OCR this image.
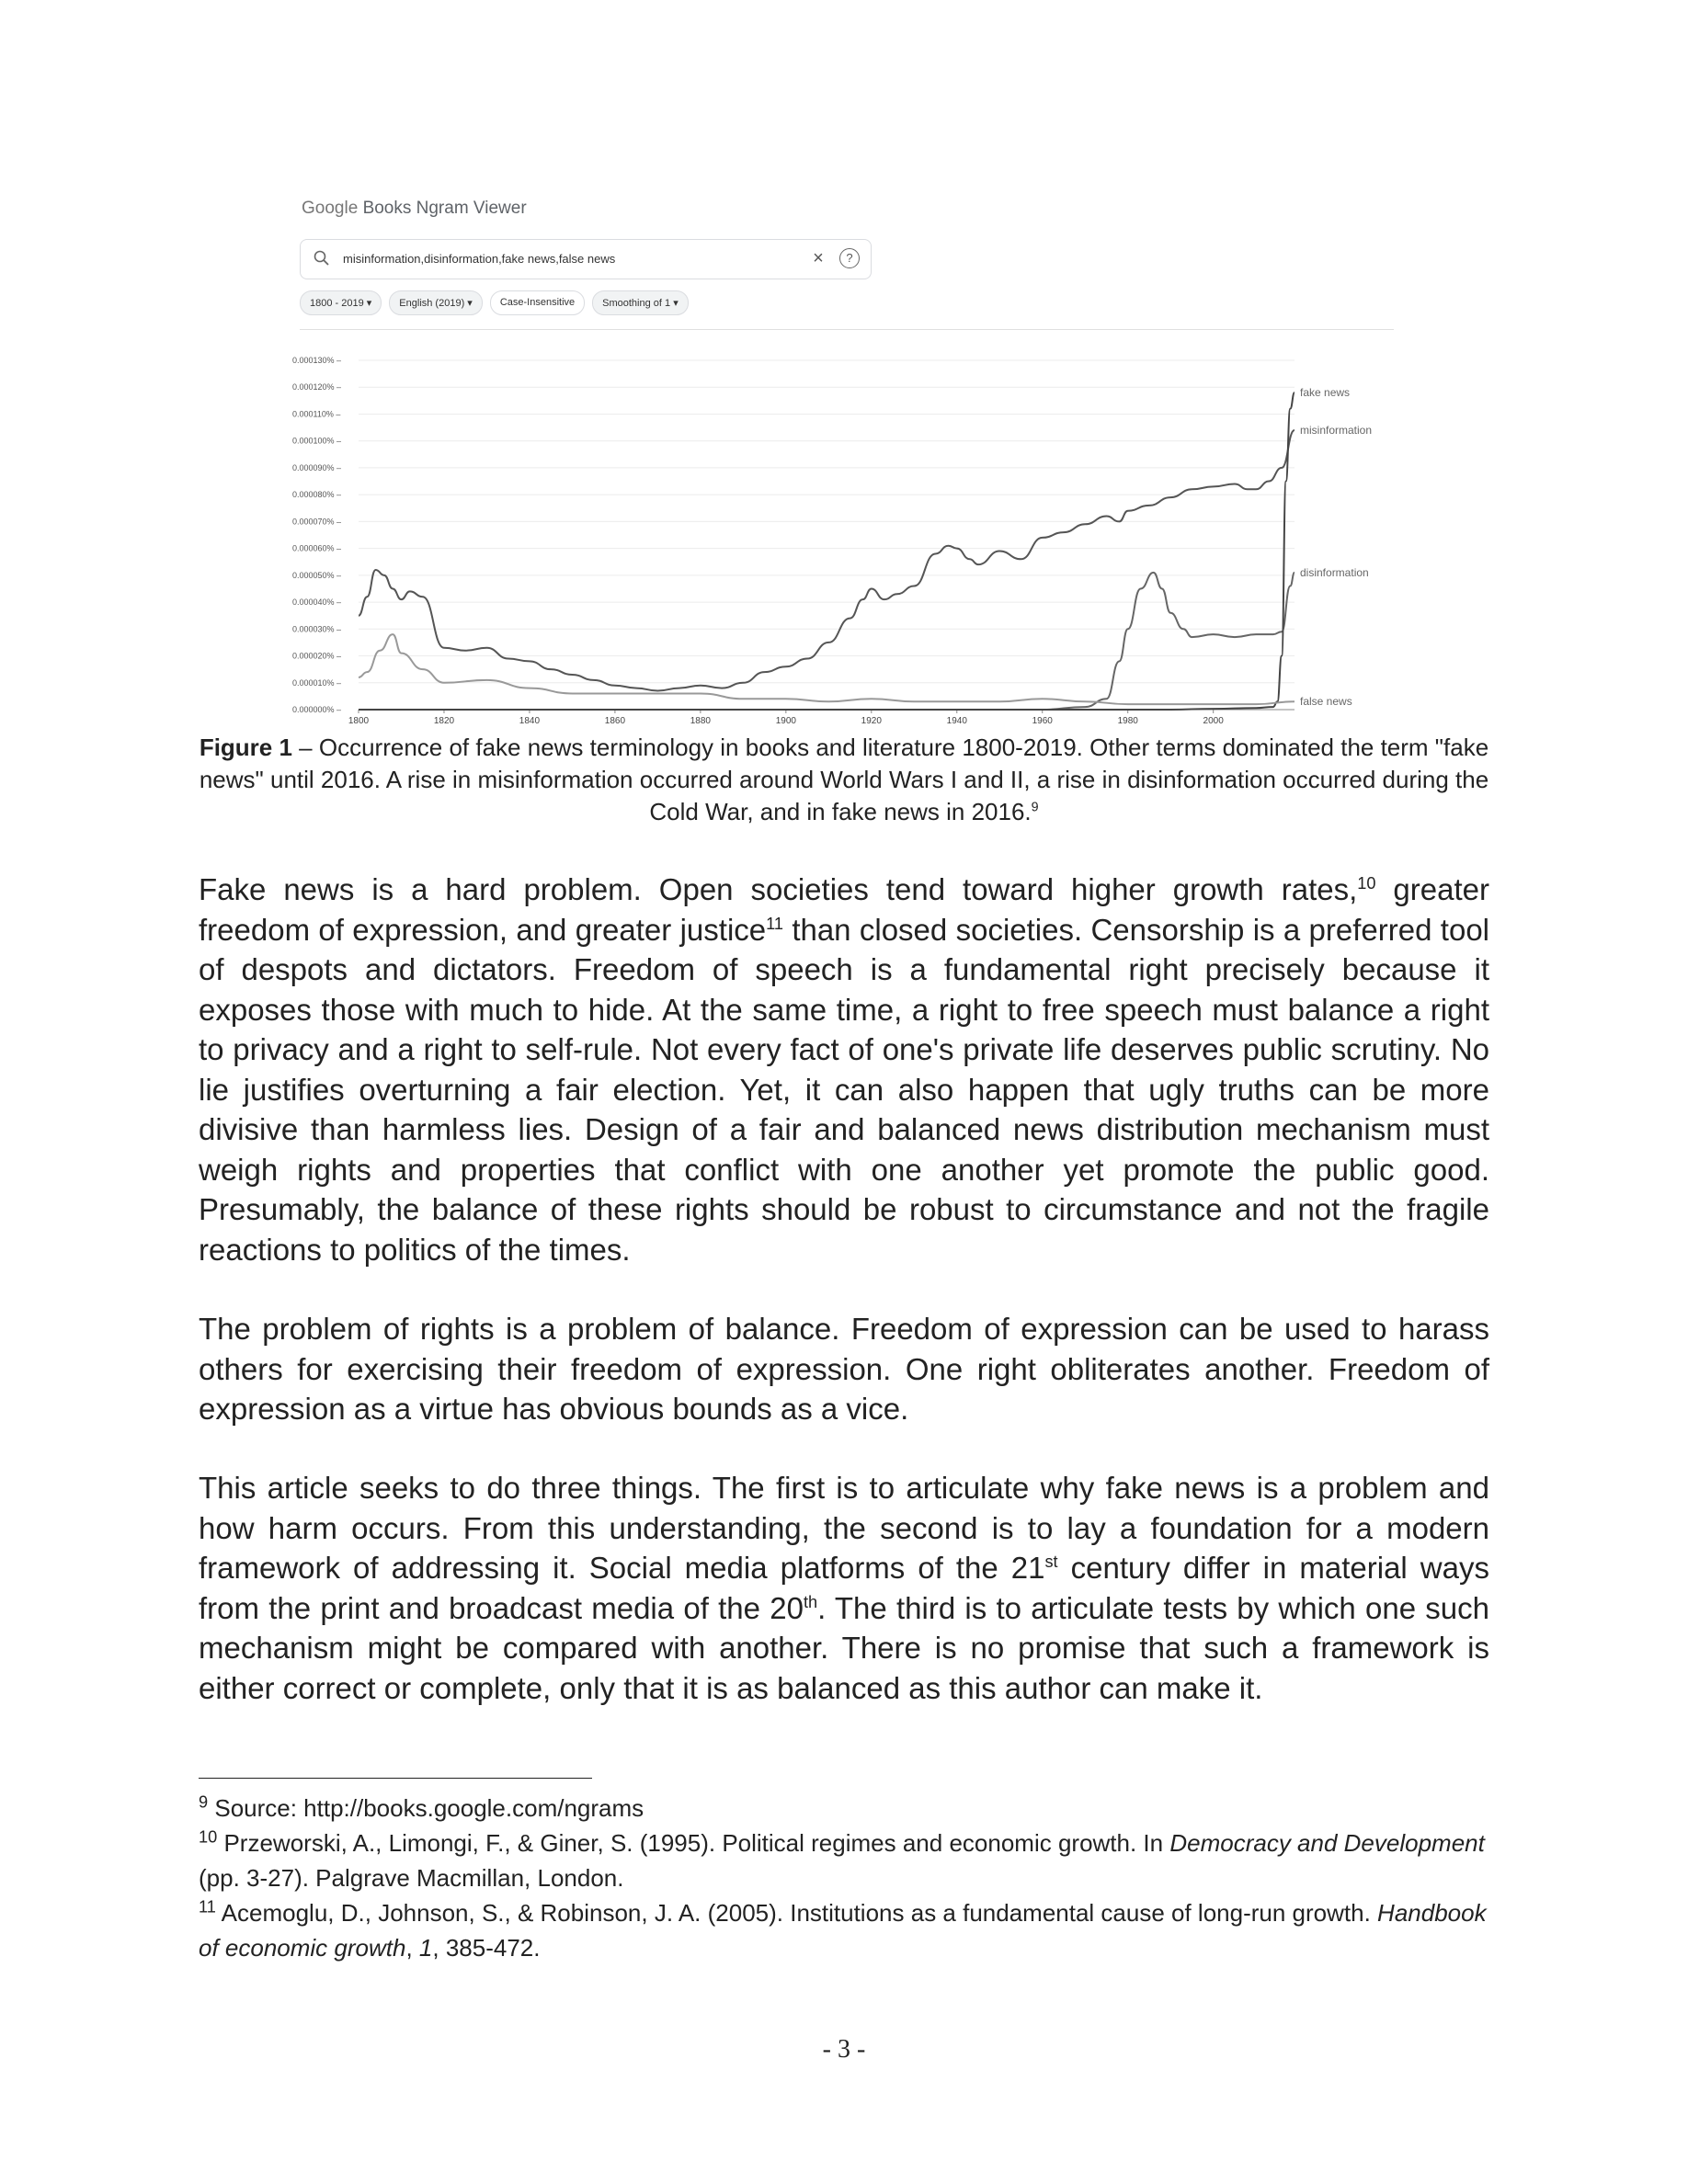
Google Books Ngram Viewer
misinformation,disinformation,fake news,false news	×	?
1800 - 2019 ▾	English (2019) ▾	Case-Insensitive	Smoothing of 1 ▾
0.000000% –
0.000010% –
0.000020% –
0.000030% –
0.000040% –
0.000050% –
0.000060% –
0.000070% –
0.000080% –
0.000090% –
0.000100% –
0.000110% –
0.000120% –
0.000130% –
1800	1820	1840	1860	1880	1900	1920	1940	1960	1980	2000
misinformation
disinformation
fake news
false news
Figure 1 – Occurrence of fake news terminology in books and literature 1800-2019. Other terms dominated the term "fake news" until 2016. A rise in misinformation occurred around World Wars I and II, a rise in disinformation occurred during the Cold War, and in fake news in 2016.$^9$

Fake news is a hard problem. Open societies tend toward higher growth rates,$^{10}$ greater freedom of expression, and greater justice$^{11}$ than closed societies. Censorship is a preferred tool of despots and dictators. Freedom of speech is a fundamental right precisely because it exposes those with much to hide. At the same time, a right to free speech must balance a right to privacy and a right to self-rule. Not every fact of one's private life deserves public scrutiny. No lie justifies overturning a fair election. Yet, it can also happen that ugly truths can be more divisive than harmless lies. Design of a fair and balanced news distribution mechanism must weigh rights and properties that conflict with one another yet promote the public good. Presumably, the balance of these rights should be robust to circumstance and not the fragile reactions to politics of the times.

The problem of rights is a problem of balance. Freedom of expression can be used to harass others for exercising their freedom of expression. One right obliterates another. Freedom of expression as a virtue has obvious bounds as a vice.

This article seeks to do three things. The first is to articulate why fake news is a problem and how harm occurs. From this understanding, the second is to lay a foundation for a modern framework of addressing it. Social media platforms of the 21st century differ in material ways from the print and broadcast media of the 20th. The third is to articulate tests by which one such mechanism might be compared with another. There is no promise that such a framework is either correct or complete, only that it is as balanced as this author can make it.

$^9$ Source: http://books.google.com/ngrams

$^{10}$ Przeworski, A., Limongi, F., & Giner, S. (1995). Political regimes and economic growth. In Democracy and Development (pp. 3-27). Palgrave Macmillan, London.

$^{11}$ Acemoglu, D., Johnson, S., & Robinson, J. A. (2005). Institutions as a fundamental cause of long-run growth. Handbook of economic growth, 1, 385-472.

- 3 -
